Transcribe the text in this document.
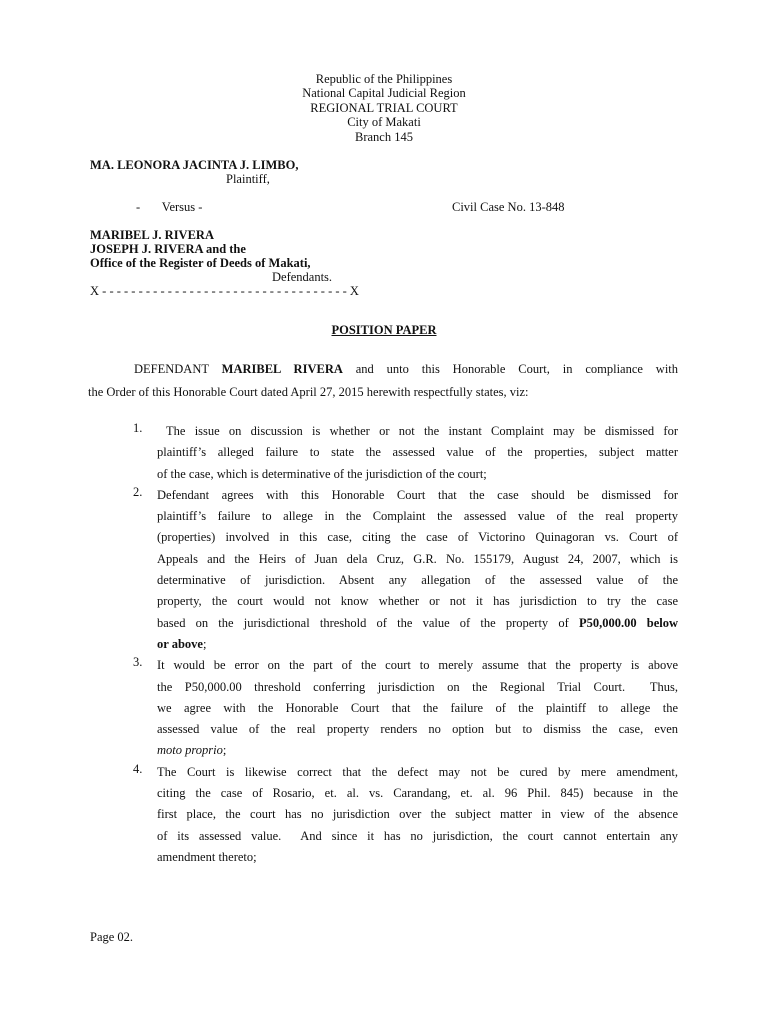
Republic of the Philippines
National Capital Judicial Region
REGIONAL TRIAL COURT
City of Makati
Branch 145
MA. LEONORA JACINTA J. LIMBO,
Plaintiff,
-       Versus -	Civil Case No. 13-848
MARIBEL J. RIVERA
JOSEPH J. RIVERA and the
Office of the Register of Deeds of Makati,
Defendants.
X - - - - - - - - - - - - - - - - - - - - - - - - - - - - - - - - - - X
POSITION PAPER
DEFENDANT MARIBEL RIVERA and unto this Honorable Court, in compliance with
the Order of this Honorable Court dated April 27, 2015 herewith respectfully states, viz:
1.	The issue on discussion is whether or not the instant Complaint may be dismissed for
plaintiff’s alleged failure to state the assessed value of the properties, subject matter
of the case, which is determinative of the jurisdiction of the court;
2.	Defendant agrees with this Honorable Court that the case should be dismissed for
plaintiff’s failure to allege in the Complaint the assessed value of the real property
(properties) involved in this case, citing the case of Victorino Quinagoran vs. Court of
Appeals and the Heirs of Juan dela Cruz, G.R. No. 155179, August 24, 2007, which is
determinative of jurisdiction. Absent any allegation of the assessed value of the
property, the court would not know whether or not it has jurisdiction to try the case
based on the jurisdictional threshold of the value of the property of P50,000.00 below
or above;
3.	It would be error on the part of the court to merely assume that the property is above
the P50,000.00 threshold conferring jurisdiction on the Regional Trial Court.  Thus,
we agree with the Honorable Court that the failure of the plaintiff to allege the
assessed value of the real property renders no option but to dismiss the case, even
moto proprio;
4.	The Court is likewise correct that the defect may not be cured by mere amendment,
citing the case of Rosario, et. al. vs. Carandang, et. al. 96 Phil. 845) because in the
first place, the court has no jurisdiction over the subject matter in view of the absence
of its assessed value.  And since it has no jurisdiction, the court cannot entertain any
amendment thereto;
Page 02.
